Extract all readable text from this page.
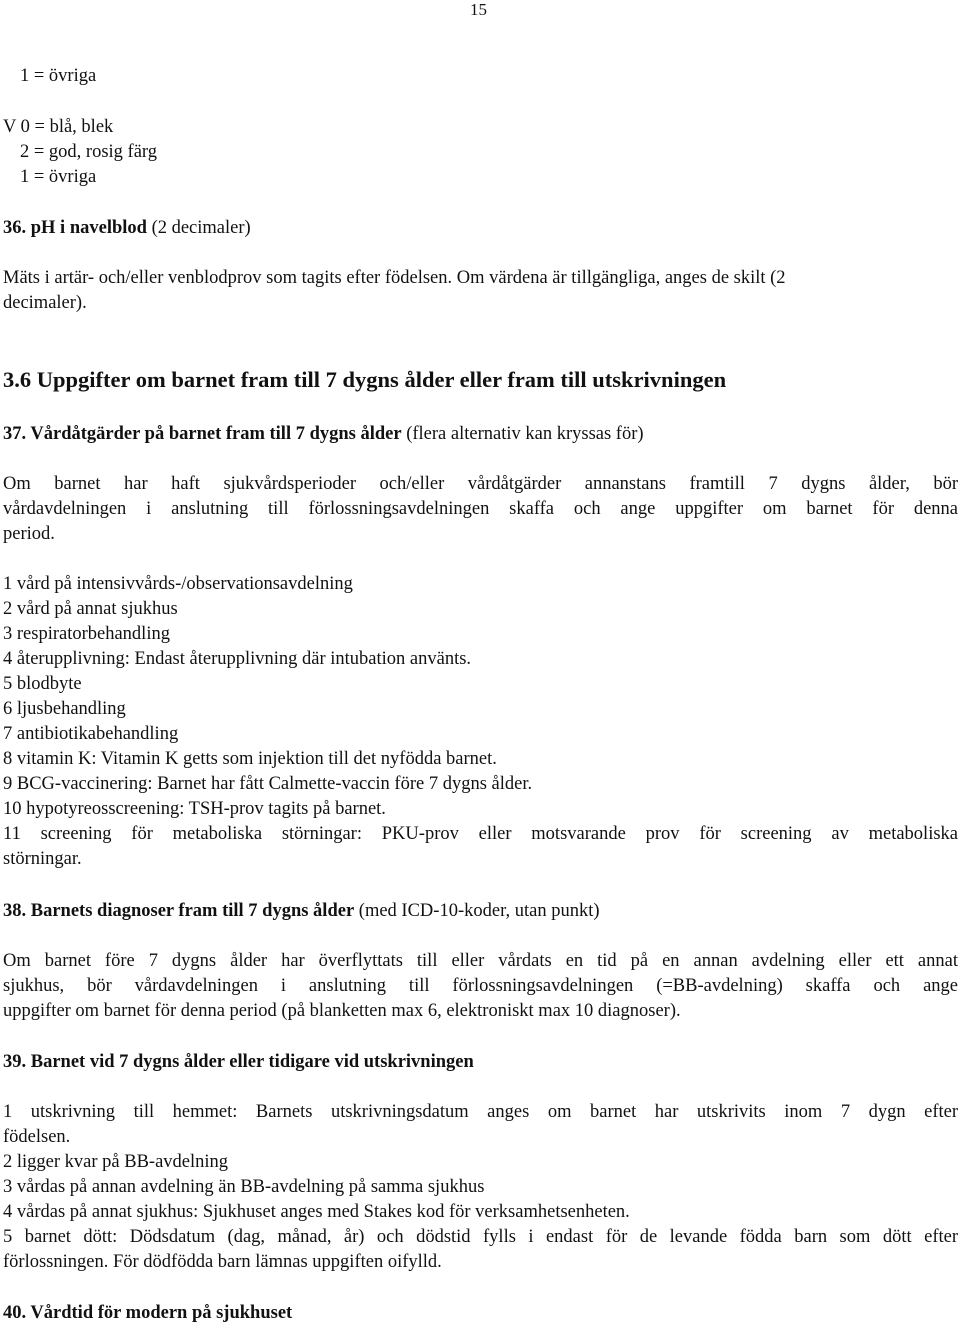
15
1 = övriga
V 0 = blå, blek
2 = god, rosig färg
1 = övriga
36. pH i navelblod (2 decimaler)
Mäts i artär- och/eller venblodprov som tagits efter födelsen. Om värdena är tillgängliga, anges de skilt (2
decimaler).
3.6 Uppgifter om barnet fram till 7 dygns ålder eller fram till utskrivningen
37. Vårdåtgärder på barnet fram till 7 dygns ålder (flera alternativ kan kryssas för)
Om barnet har haft sjukvårdsperioder och/eller vårdåtgärder annanstans framtill 7 dygns ålder, bör
vårdavdelningen i anslutning till förlossningsavdelningen skaffa och ange uppgifter om barnet för denna
period.
1 vård på intensivvårds-/observationsavdelning
2 vård på annat sjukhus
3 respiratorbehandling
4 återupplivning: Endast återupplivning där intubation använts.
5 blodbyte
6 ljusbehandling
7 antibiotikabehandling
8 vitamin K: Vitamin K getts som injektion till det nyfödda barnet.
9 BCG-vaccinering: Barnet har fått Calmette-vaccin före 7 dygns ålder.
10 hypotyreosscreening: TSH-prov tagits på barnet.
11 screening för metaboliska störningar: PKU-prov eller motsvarande prov för screening av metaboliska
störningar.
38. Barnets diagnoser fram till 7 dygns ålder (med ICD-10-koder, utan punkt)
Om barnet före 7 dygns ålder har överflyttats till eller vårdats en tid på en annan avdelning eller ett annat
sjukhus, bör vårdavdelningen i anslutning till förlossningsavdelningen (=BB-avdelning) skaffa och ange
uppgifter om barnet för denna period (på blanketten max 6, elektroniskt max 10 diagnoser).
39. Barnet vid 7 dygns ålder eller tidigare vid utskrivningen
1 utskrivning till hemmet: Barnets utskrivningsdatum anges om barnet har utskrivits inom 7 dygn efter
födelsen.
2 ligger kvar på BB-avdelning
3 vårdas på annan avdelning än BB-avdelning på samma sjukhus
4 vårdas på annat sjukhus: Sjukhuset anges med Stakes kod för verksamhetsenheten.
5 barnet dött: Dödsdatum (dag, månad, år) och dödstid fylls i endast för de levande födda barn som dött efter
förlossningen. För dödfödda barn lämnas uppgiften oifylld.
40. Vårdtid för modern på sjukhuset
